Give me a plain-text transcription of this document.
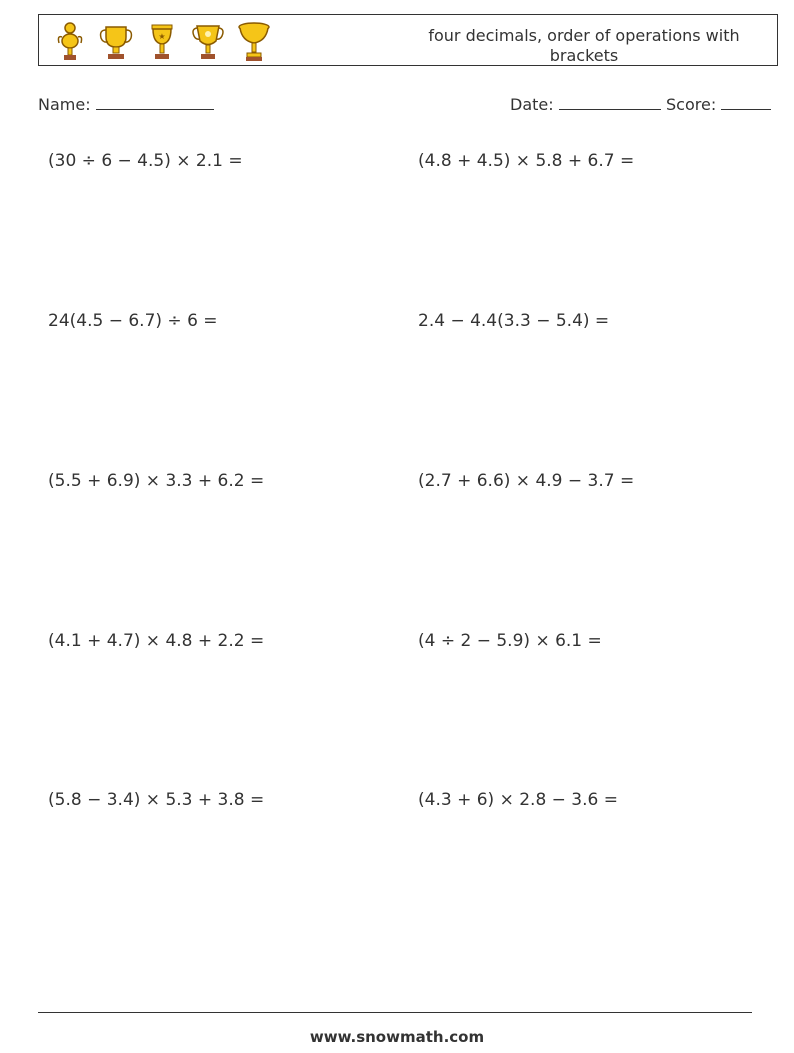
★	four decimals, order of operations with brackets
Name:	Date:	Score:
(30 ÷ 6 − 4.5) × 2.1 =	(4.8 + 4.5) × 5.8 + 6.7 =
24(4.5 − 6.7) ÷ 6 =	2.4 − 4.4(3.3 − 5.4) =
(5.5 + 6.9) × 3.3 + 6.2 =	(2.7 + 6.6) × 4.9 − 3.7 =
(4.1 + 4.7) × 4.8 + 2.2 =	(4 ÷ 2 − 5.9) × 6.1 =
(5.8 − 3.4) × 5.3 + 3.8 =	(4.3 + 6) × 2.8 − 3.6 =
www.snowmath.com
